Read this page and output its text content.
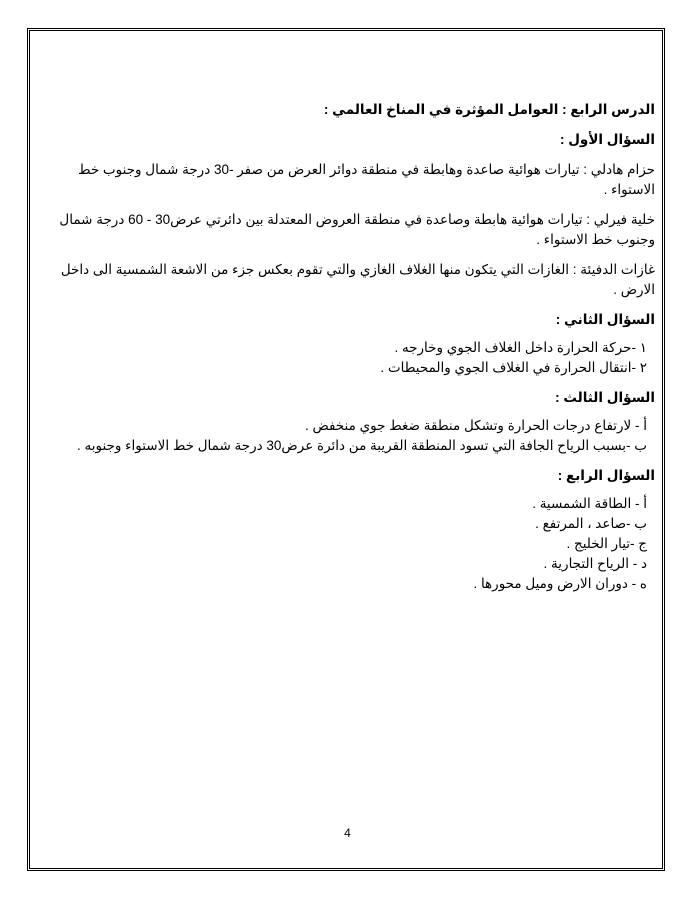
الدرس الرابع : العوامل المؤثرة في المناخ العالمي :

السؤال الأول :

حزام هادلي : تيارات هوائية صاعدة وهابطة في منطقة دوائر العرض من صفر -30 درجة شمال وجنوب خط الاستواء .

خلية فيرلي : تيارات هوائية هابطة وصاعدة في منطقة العروض المعتدلة بين دائرتي عرض30 - 60 درجة شمال وجنوب خط الاستواء .

غازات الدفيئة : الغازات التي يتكون منها الغلاف الغازي والتي تقوم بعكس جزء من الاشعة الشمسية الى داخل الارض .

السؤال الثاني :

١ -حركة الحرارة داخل الغلاف الجوي وخارجه .

٢ -انتقال الحرارة في الغلاف الجوي والمحيطات .

السؤال الثالث :

أ - لارتفاع درجات الحرارة وتشكل منطقة ضغط جوي منخفض .

ب -بسبب الرياح الجافة التي تسود المنطقة القريبة من دائرة عرض30 درجة شمال خط الاستواء وجنوبه .

السؤال الرابع :

أ - الطاقة الشمسية .

ب -صاعد ، المرتفع .

ج -تيار الخليج .

د - الرياح التجارية .

ه - دوران الارض وميل محورها .

4
